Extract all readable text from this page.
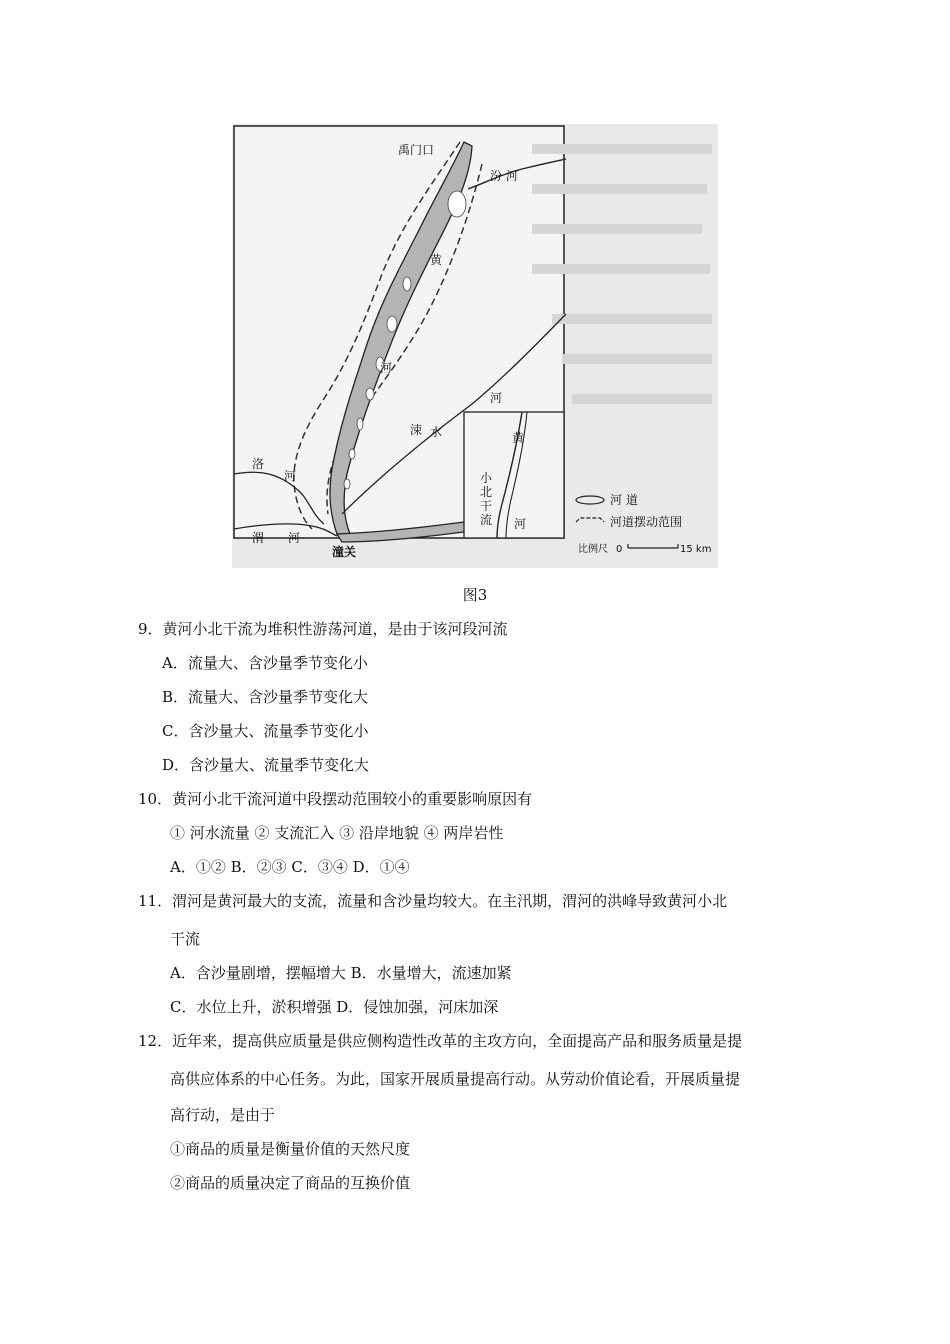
禹门口
汾 河
黄
河
河
涑 水
洛
河
渭 河
潼关
黄
河
小
北
干
流
河 道
河道摆动范围
比例尺 0	15 km
图3
9．黄河小北干流为堆积性游荡河道，是由于该河段河流
A．流量大、含沙量季节变化小
B．流量大、含沙量季节变化大
C．含沙量大、流量季节变化小
D．含沙量大、流量季节变化大
10．黄河小北干流河道中段摆动范围较小的重要影响原因有
① 河水流量 ② 支流汇入 ③ 沿岸地貌 ④ 两岸岩性
A．①② B．②③ C．③④ D．①④
11．渭河是黄河最大的支流，流量和含沙量均较大。在主汛期，渭河的洪峰导致黄河小北
干流
A．含沙量剧增，摆幅增大 B．水量增大，流速加紧
C．水位上升，淤积增强 D．侵蚀加强，河床加深
12．近年来，提高供应质量是供应侧构造性改革的主攻方向，全面提高产品和服务质量是提
高供应体系的中心任务。为此，国家开展质量提高行动。从劳动价值论看，开展质量提
高行动，是由于
①商品的质量是衡量价值的天然尺度
②商品的质量决定了商品的互换价值
